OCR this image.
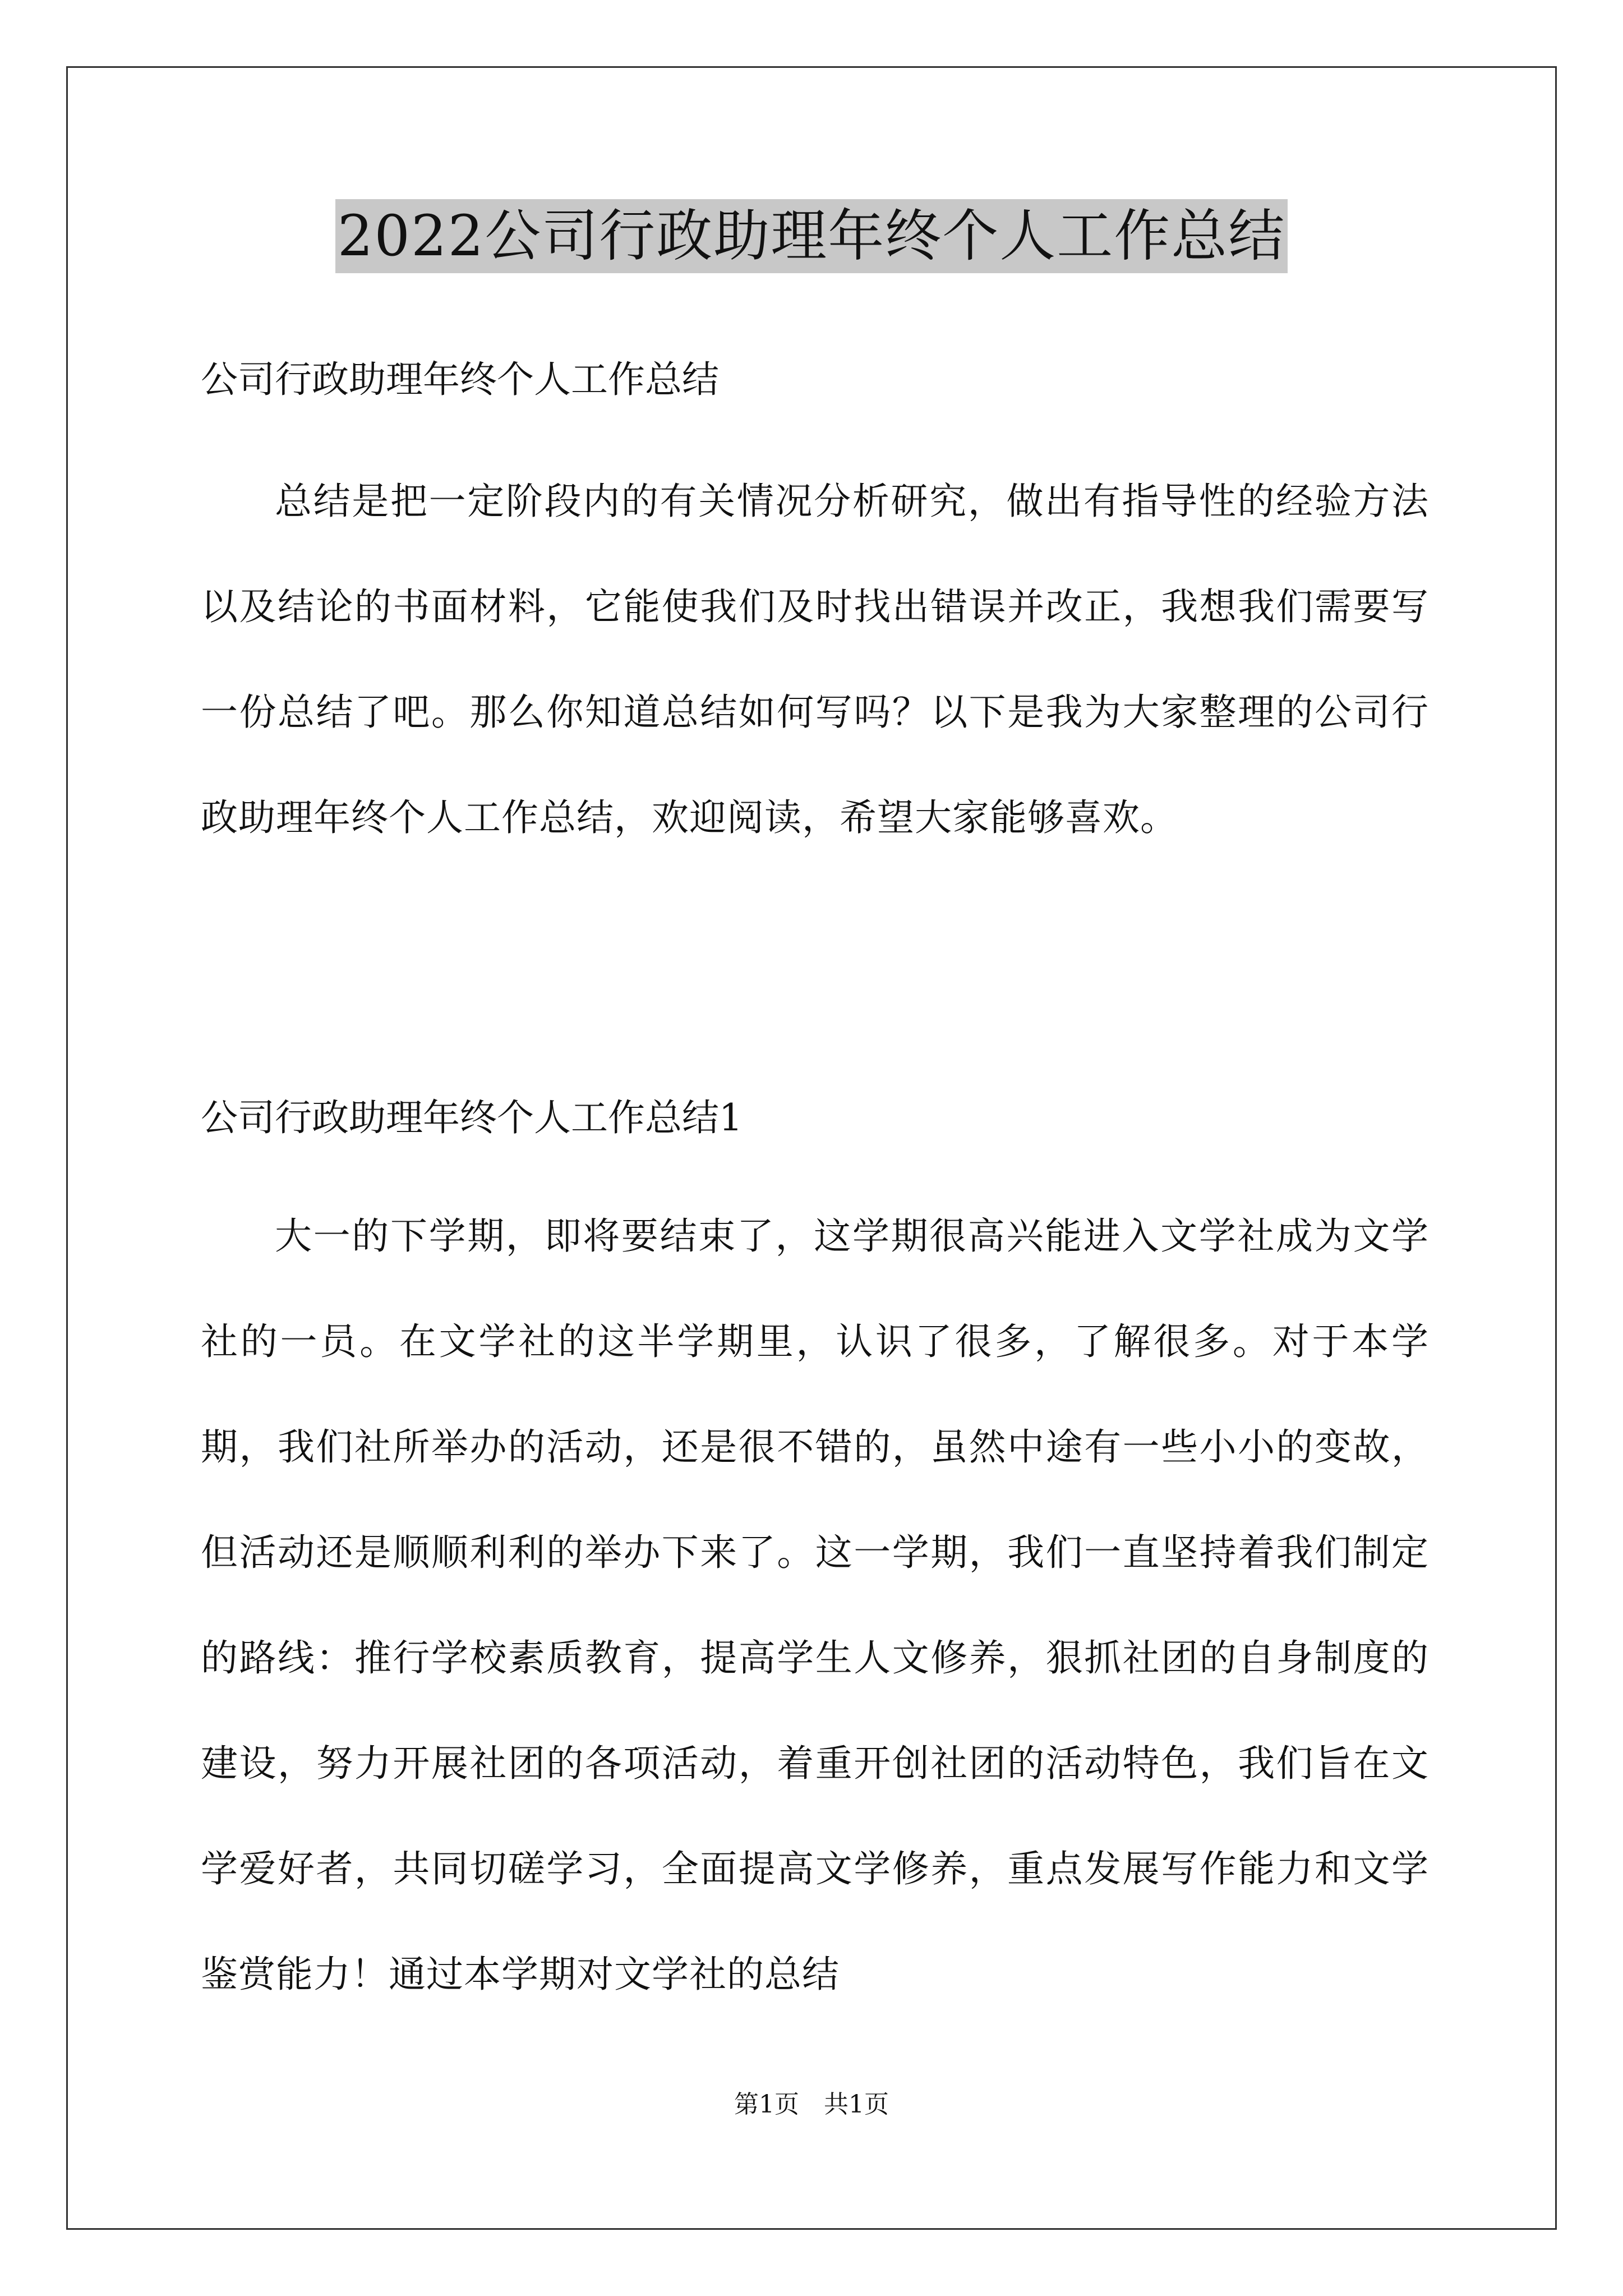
2022公司行政助理年终个人工作总结
公司行政助理年终个人工作总结
总结是把一定阶段内的有关情况分析研究，做出有指导性的经验方法以及结论的书面材料，它能使我们及时找出错误并改正，我想我们需要写一份总结了吧。那么你知道总结如何写吗？以下是我为大家整理的公司行政助理年终个人工作总结，欢迎阅读，希望大家能够喜欢。
公司行政助理年终个人工作总结1
大一的下学期，即将要结束了，这学期很高兴能进入文学社成为文学社的一员。在文学社的这半学期里，认识了很多，了解很多。对于本学期，我们社所举办的活动，还是很不错的，虽然中途有一些小小的变故，但活动还是顺顺利利的举办下来了。这一学期，我们一直坚持着我们制定的路线：推行学校素质教育，提高学生人文修养，狠抓社团的自身制度的建设，努力开展社团的各项活动，着重开创社团的活动特色，我们旨在文学爱好者，共同切磋学习，全面提高文学修养，重点发展写作能力和文学鉴赏能力！通过本学期对文学社的总结
第1页　共1页
